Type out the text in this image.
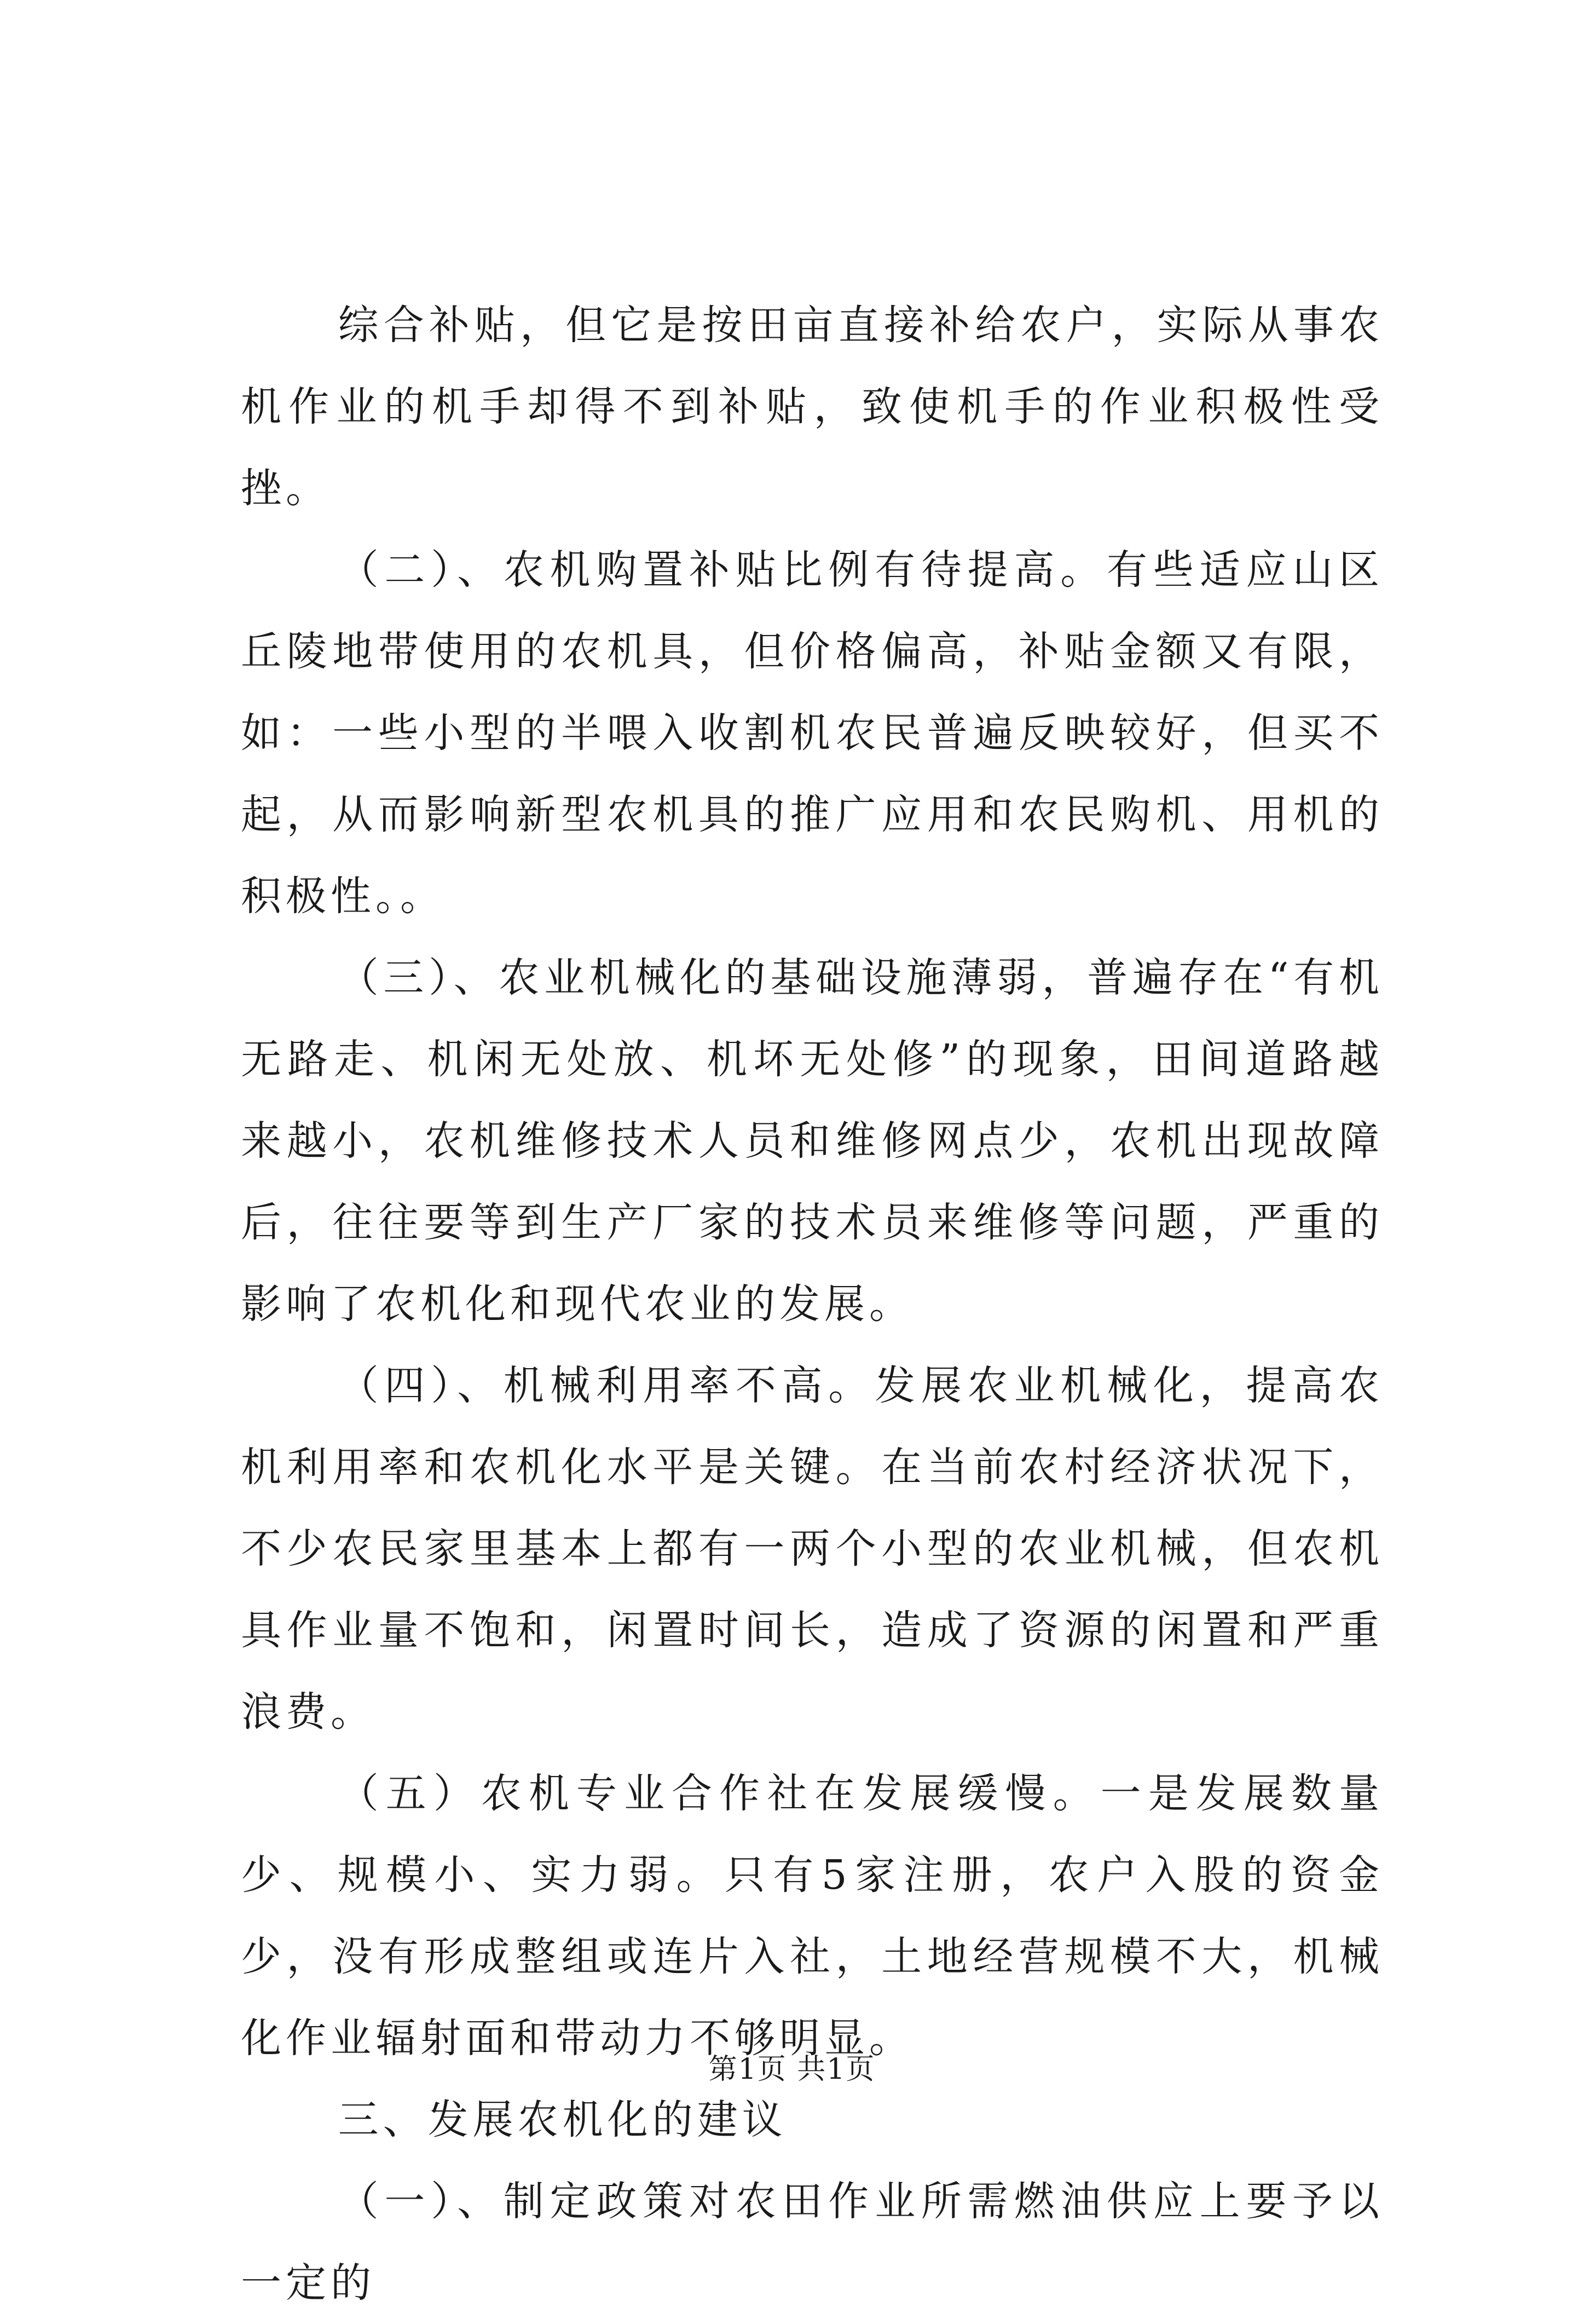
综合补贴，但它是按田亩直接补给农户，实际从事农机作业的机手却得不到补贴，致使机手的作业积极性受挫。

（二）、农机购置补贴比例有待提高。有些适应山区丘陵地带使用的农机具，但价格偏高，补贴金额又有限，如：一些小型的半喂入收割机农民普遍反映较好，但买不起，从而影响新型农机具的推广应用和农民购机、用机的积极性。。

（三）、农业机械化的基础设施薄弱，普遍存在“有机无路走、机闲无处放、机坏无处修”的现象，田间道路越来越小，农机维修技术人员和维修网点少，农机出现故障后，往往要等到生产厂家的技术员来维修等问题，严重的影响了农机化和现代农业的发展。

（四）、机械利用率不高。发展农业机械化，提高农机利用率和农机化水平是关键。在当前农村经济状况下，不少农民家里基本上都有一两个小型的农业机械，但农机具作业量不饱和，闲置时间长，造成了资源的闲置和严重浪费。

（五）农机专业合作社在发展缓慢。一是发展数量少、规模小、实力弱。只有5家注册，农户入股的资金少，没有形成整组或连片入社，土地经营规模不大，机械化作业辐射面和带动力不够明显。

三、发展农机化的建议

（一）、制定政策对农田作业所需燃油供应上要予以一定的

第1页 共1页
